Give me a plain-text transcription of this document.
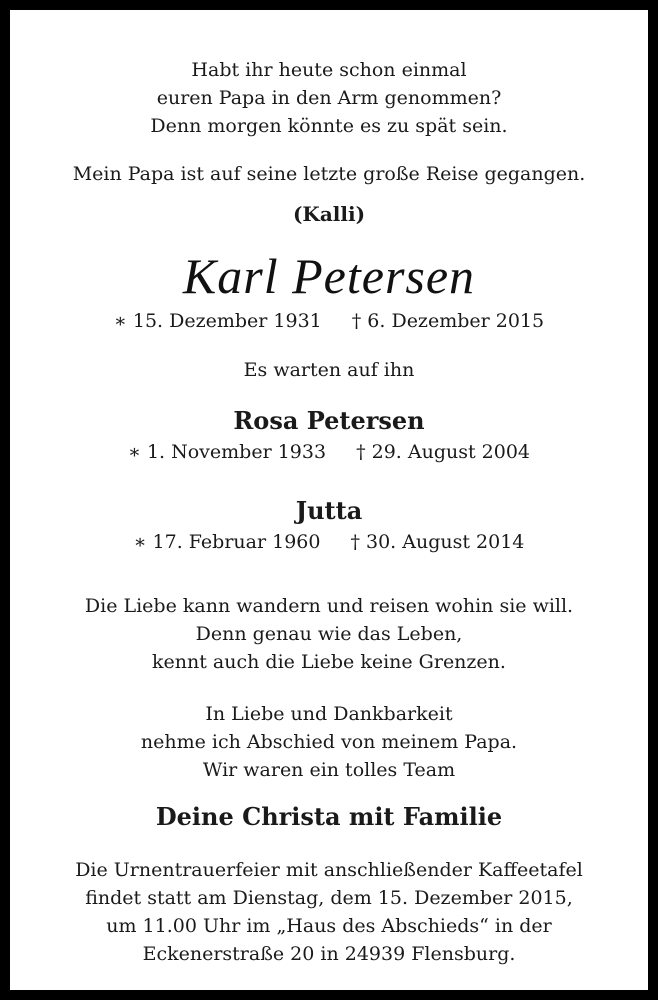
Habt ihr heute schon einmal
euren Papa in den Arm genommen?
Denn morgen könnte es zu spät sein.
Mein Papa ist auf seine letzte große Reise gegangen.
(Kalli)
Karl Petersen
∗ 15. Dezember 1931 † 6. Dezember 2015
Es warten auf ihn
Rosa Petersen
∗ 1. November 1933 † 29. August 2004
Jutta
∗ 17. Februar 1960 † 30. August 2014
Die Liebe kann wandern und reisen wohin sie will.
Denn genau wie das Leben,
kennt auch die Liebe keine Grenzen.
In Liebe und Dankbarkeit
nehme ich Abschied von meinem Papa.
Wir waren ein tolles Team
Deine Christa mit Familie
Die Urnentrauerfeier mit anschließender Kaffeetafel
findet statt am Dienstag, dem 15. Dezember 2015,
um 11.00 Uhr im „Haus des Abschieds“ in der
Eckenerstraße 20 in 24939 Flensburg.
